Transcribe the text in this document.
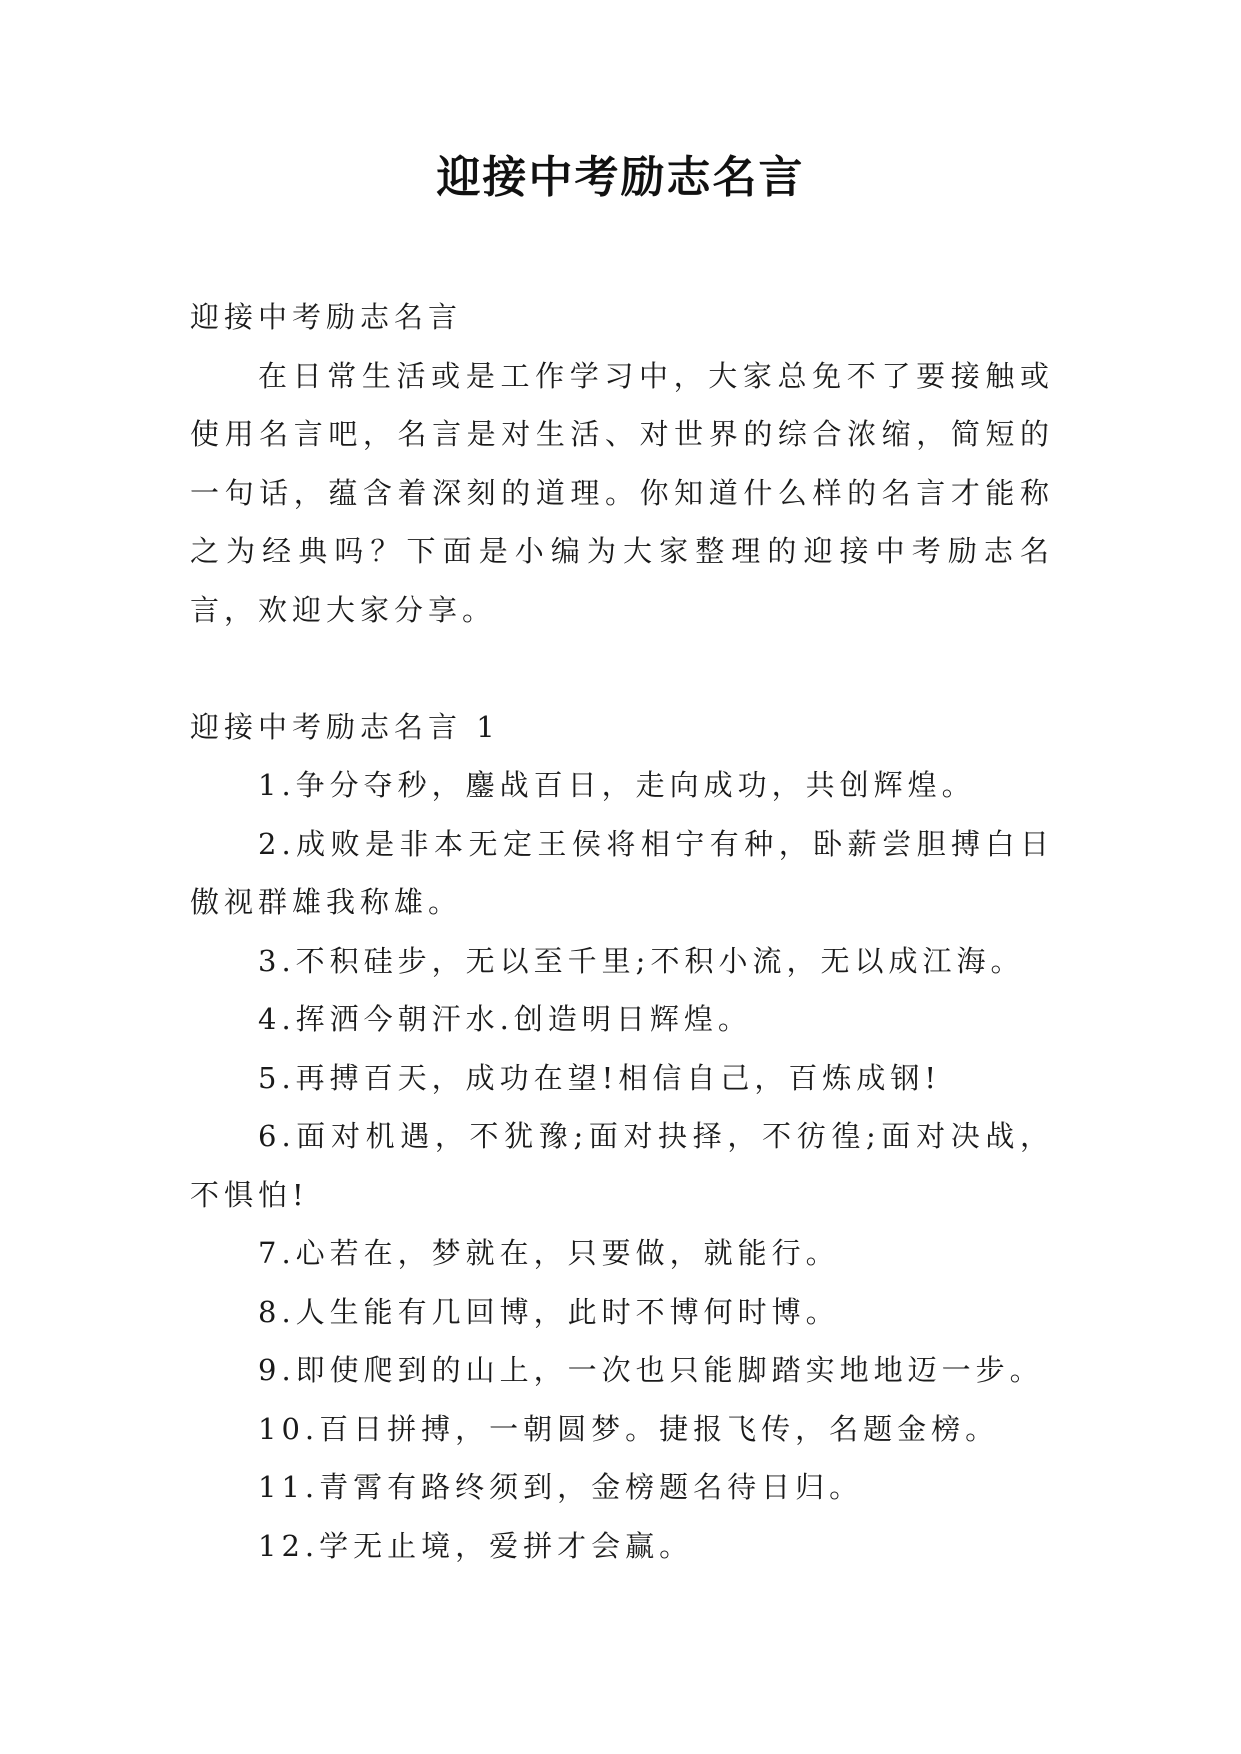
迎接中考励志名言

迎接中考励志名言

在日常生活或是工作学习中，大家总免不了要接触或使用名言吧，名言是对生活、对世界的综合浓缩，简短的一句话，蕴含着深刻的道理。你知道什么样的名言才能称之为经典吗？下面是小编为大家整理的迎接中考励志名言，欢迎大家分享。

迎接中考励志名言 1

1.争分夺秒，鏖战百日，走向成功，共创辉煌。

2.成败是非本无定王侯将相宁有种，卧薪尝胆搏白日傲视群雄我称雄。

3.不积硅步，无以至千里;不积小流，无以成江海。

4.挥洒今朝汗水.创造明日辉煌。

5.再搏百天，成功在望!相信自己，百炼成钢!

6.面对机遇，不犹豫;面对抉择，不彷徨;面对决战，不惧怕!

7.心若在，梦就在，只要做，就能行。

8.人生能有几回博，此时不博何时博。

9.即使爬到的山上，一次也只能脚踏实地地迈一步。

10.百日拼搏，一朝圆梦。捷报飞传，名题金榜。

11.青霄有路终须到，金榜题名待日归。

12.学无止境，爱拼才会赢。
